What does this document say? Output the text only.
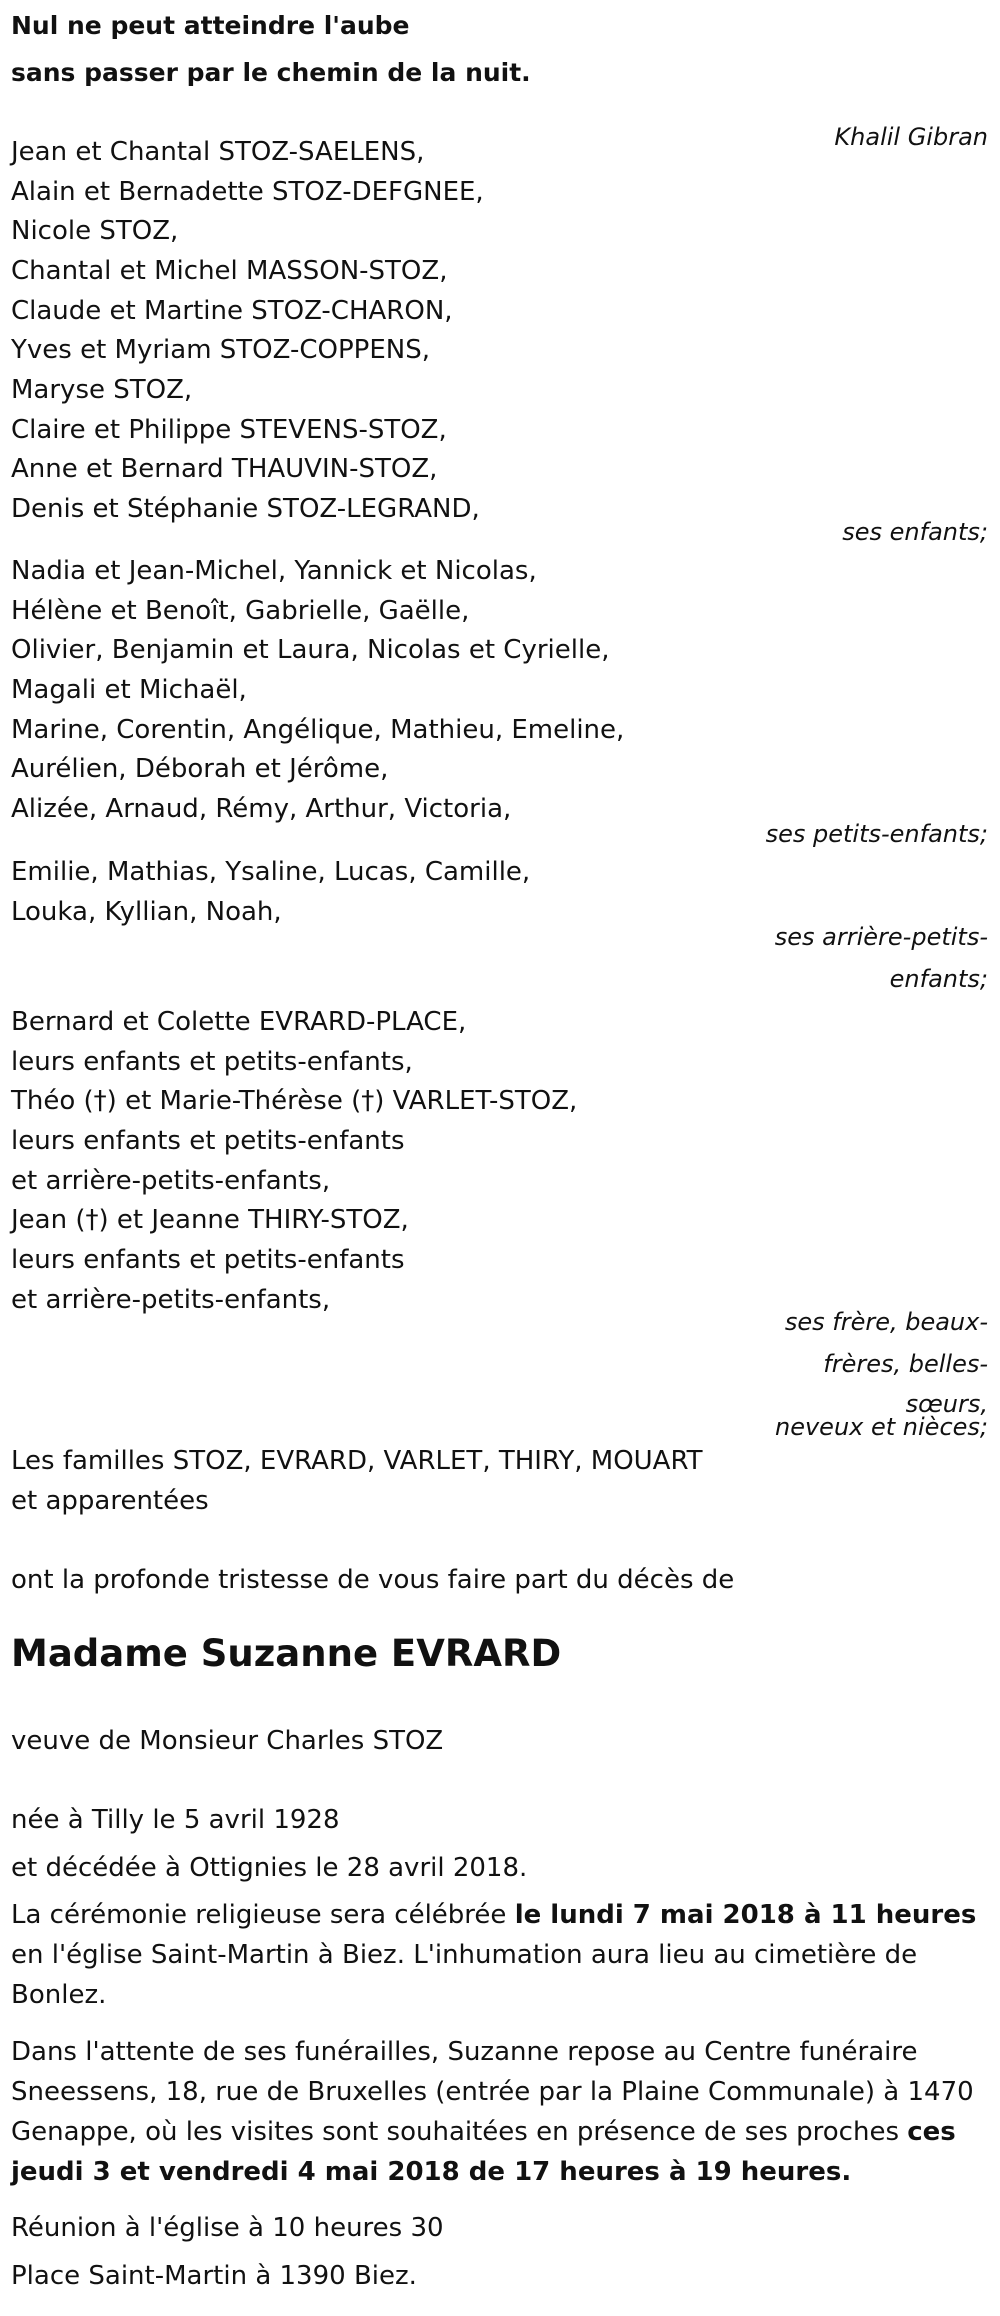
Nul ne peut atteindre l'aube
sans passer par le chemin de la nuit.
Khalil Gibran
Jean et Chantal STOZ-SAELENS,
Alain et Bernadette STOZ-DEFGNEE,
Nicole STOZ,
Chantal et Michel MASSON-STOZ,
Claude et Martine STOZ-CHARON,
Yves et Myriam STOZ-COPPENS,
Maryse STOZ,
Claire et Philippe STEVENS-STOZ,
Anne et Bernard THAUVIN-STOZ,
Denis et Stéphanie STOZ-LEGRAND,
ses enfants;
Nadia et Jean-Michel, Yannick et Nicolas,
Hélène et Benoît, Gabrielle, Gaëlle,
Olivier, Benjamin et Laura, Nicolas et Cyrielle,
Magali et Michaël,
Marine, Corentin, Angélique, Mathieu, Emeline,
Aurélien, Déborah et Jérôme,
Alizée, Arnaud, Rémy, Arthur, Victoria,
ses petits-enfants;
Emilie, Mathias, Ysaline, Lucas, Camille,
Louka, Kyllian, Noah,
ses arrière-petits-
enfants;
Bernard et Colette EVRARD-PLACE,
leurs enfants et petits-enfants,
Théo (†) et Marie-Thérèse (†) VARLET-STOZ,
leurs enfants et petits-enfants
et arrière-petits-enfants,
Jean (†) et Jeanne THIRY-STOZ,
leurs enfants et petits-enfants
et arrière-petits-enfants,
ses frère, beaux-
frères, belles-
sœurs,
neveux et nièces;
Les familles STOZ, EVRARD, VARLET, THIRY, MOUART
et apparentées
ont la profonde tristesse de vous faire part du décès de
Madame Suzanne EVRARD
veuve de Monsieur Charles STOZ
née à Tilly le 5 avril 1928
et décédée à Ottignies le 28 avril 2018.
La cérémonie religieuse sera célébrée le lundi 7 mai 2018 à 11 heures en l'église Saint-Martin à Biez. L'inhumation aura lieu au cimetière de Bonlez.
Dans l'attente de ses funérailles, Suzanne repose au Centre funéraire Sneessens, 18, rue de Bruxelles (entrée par la Plaine Communale) à 1470 Genappe, où les visites sont souhaitées en présence de ses proches ces jeudi 3 et vendredi 4 mai 2018 de 17 heures à 19 heures.
Réunion à l'église à 10 heures 30
Place Saint-Martin à 1390 Biez.
